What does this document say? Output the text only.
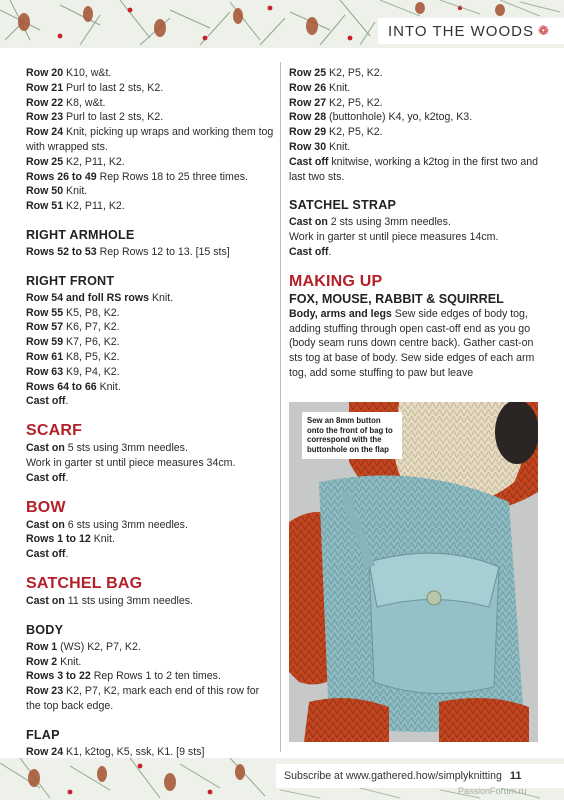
INTO THE WOODS ❁
Row 20 K10, w&t.
Row 21 Purl to last 2 sts, K2.
Row 22 K8, w&t.
Row 23 Purl to last 2 sts, K2.
Row 24 Knit, picking up wraps and working them tog with wrapped sts.
Row 25 K2, P11, K2.
Rows 26 to 49 Rep Rows 18 to 25 three times.
Row 50 Knit.
Row 51 K2, P11, K2.
RIGHT ARMHOLE
Rows 52 to 53 Rep Rows 12 to 13. [15 sts]
RIGHT FRONT
Row 54 and foll RS rows Knit.
Row 55 K5, P8, K2.
Row 57 K6, P7, K2.
Row 59 K7, P6, K2.
Row 61 K8, P5, K2.
Row 63 K9, P4, K2.
Rows 64 to 66 Knit.
Cast off.
SCARF
Cast on 5 sts using 3mm needles.
Work in garter st until piece measures 34cm.
Cast off.
BOW
Cast on 6 sts using 3mm needles.
Rows 1 to 12 Knit.
Cast off.
SATCHEL BAG
Cast on 11 sts using 3mm needles.
BODY
Row 1 (WS) K2, P7, K2.
Row 2 Knit.
Rows 3 to 22 Rep Rows 1 to 2 ten times.
Row 23 K2, P7, K2, mark each end of this row for the top back edge.
FLAP
Row 24 K1, k2tog, K5, ssk, K1. [9 sts]
Row 25 K2, P5, K2.
Row 26 Knit.
Row 27 K2, P5, K2.
Row 28 (buttonhole) K4, yo, k2tog, K3.
Row 29 K2, P5, K2.
Row 30 Knit.
Cast off knitwise, working a k2tog in the first two and last two sts.
SATCHEL STRAP
Cast on 2 sts using 3mm needles.
Work in garter st until piece measures 14cm.
Cast off.
MAKING UP
FOX, MOUSE, RABBIT & SQUIRREL
Body, arms and legs Sew side edges of body tog, adding stuffing through open cast-off end as you go (body seam runs down centre back). Gather cast-on sts tog at base of body. Sew side edges of each arm tog, add some stuffing to paw but leave
Sew an 8mm button onto the front of bag to correspond with the buttonhole on the flap
Subscribe at www.gathered.how/simplyknitting 11
PassionForum.ru
